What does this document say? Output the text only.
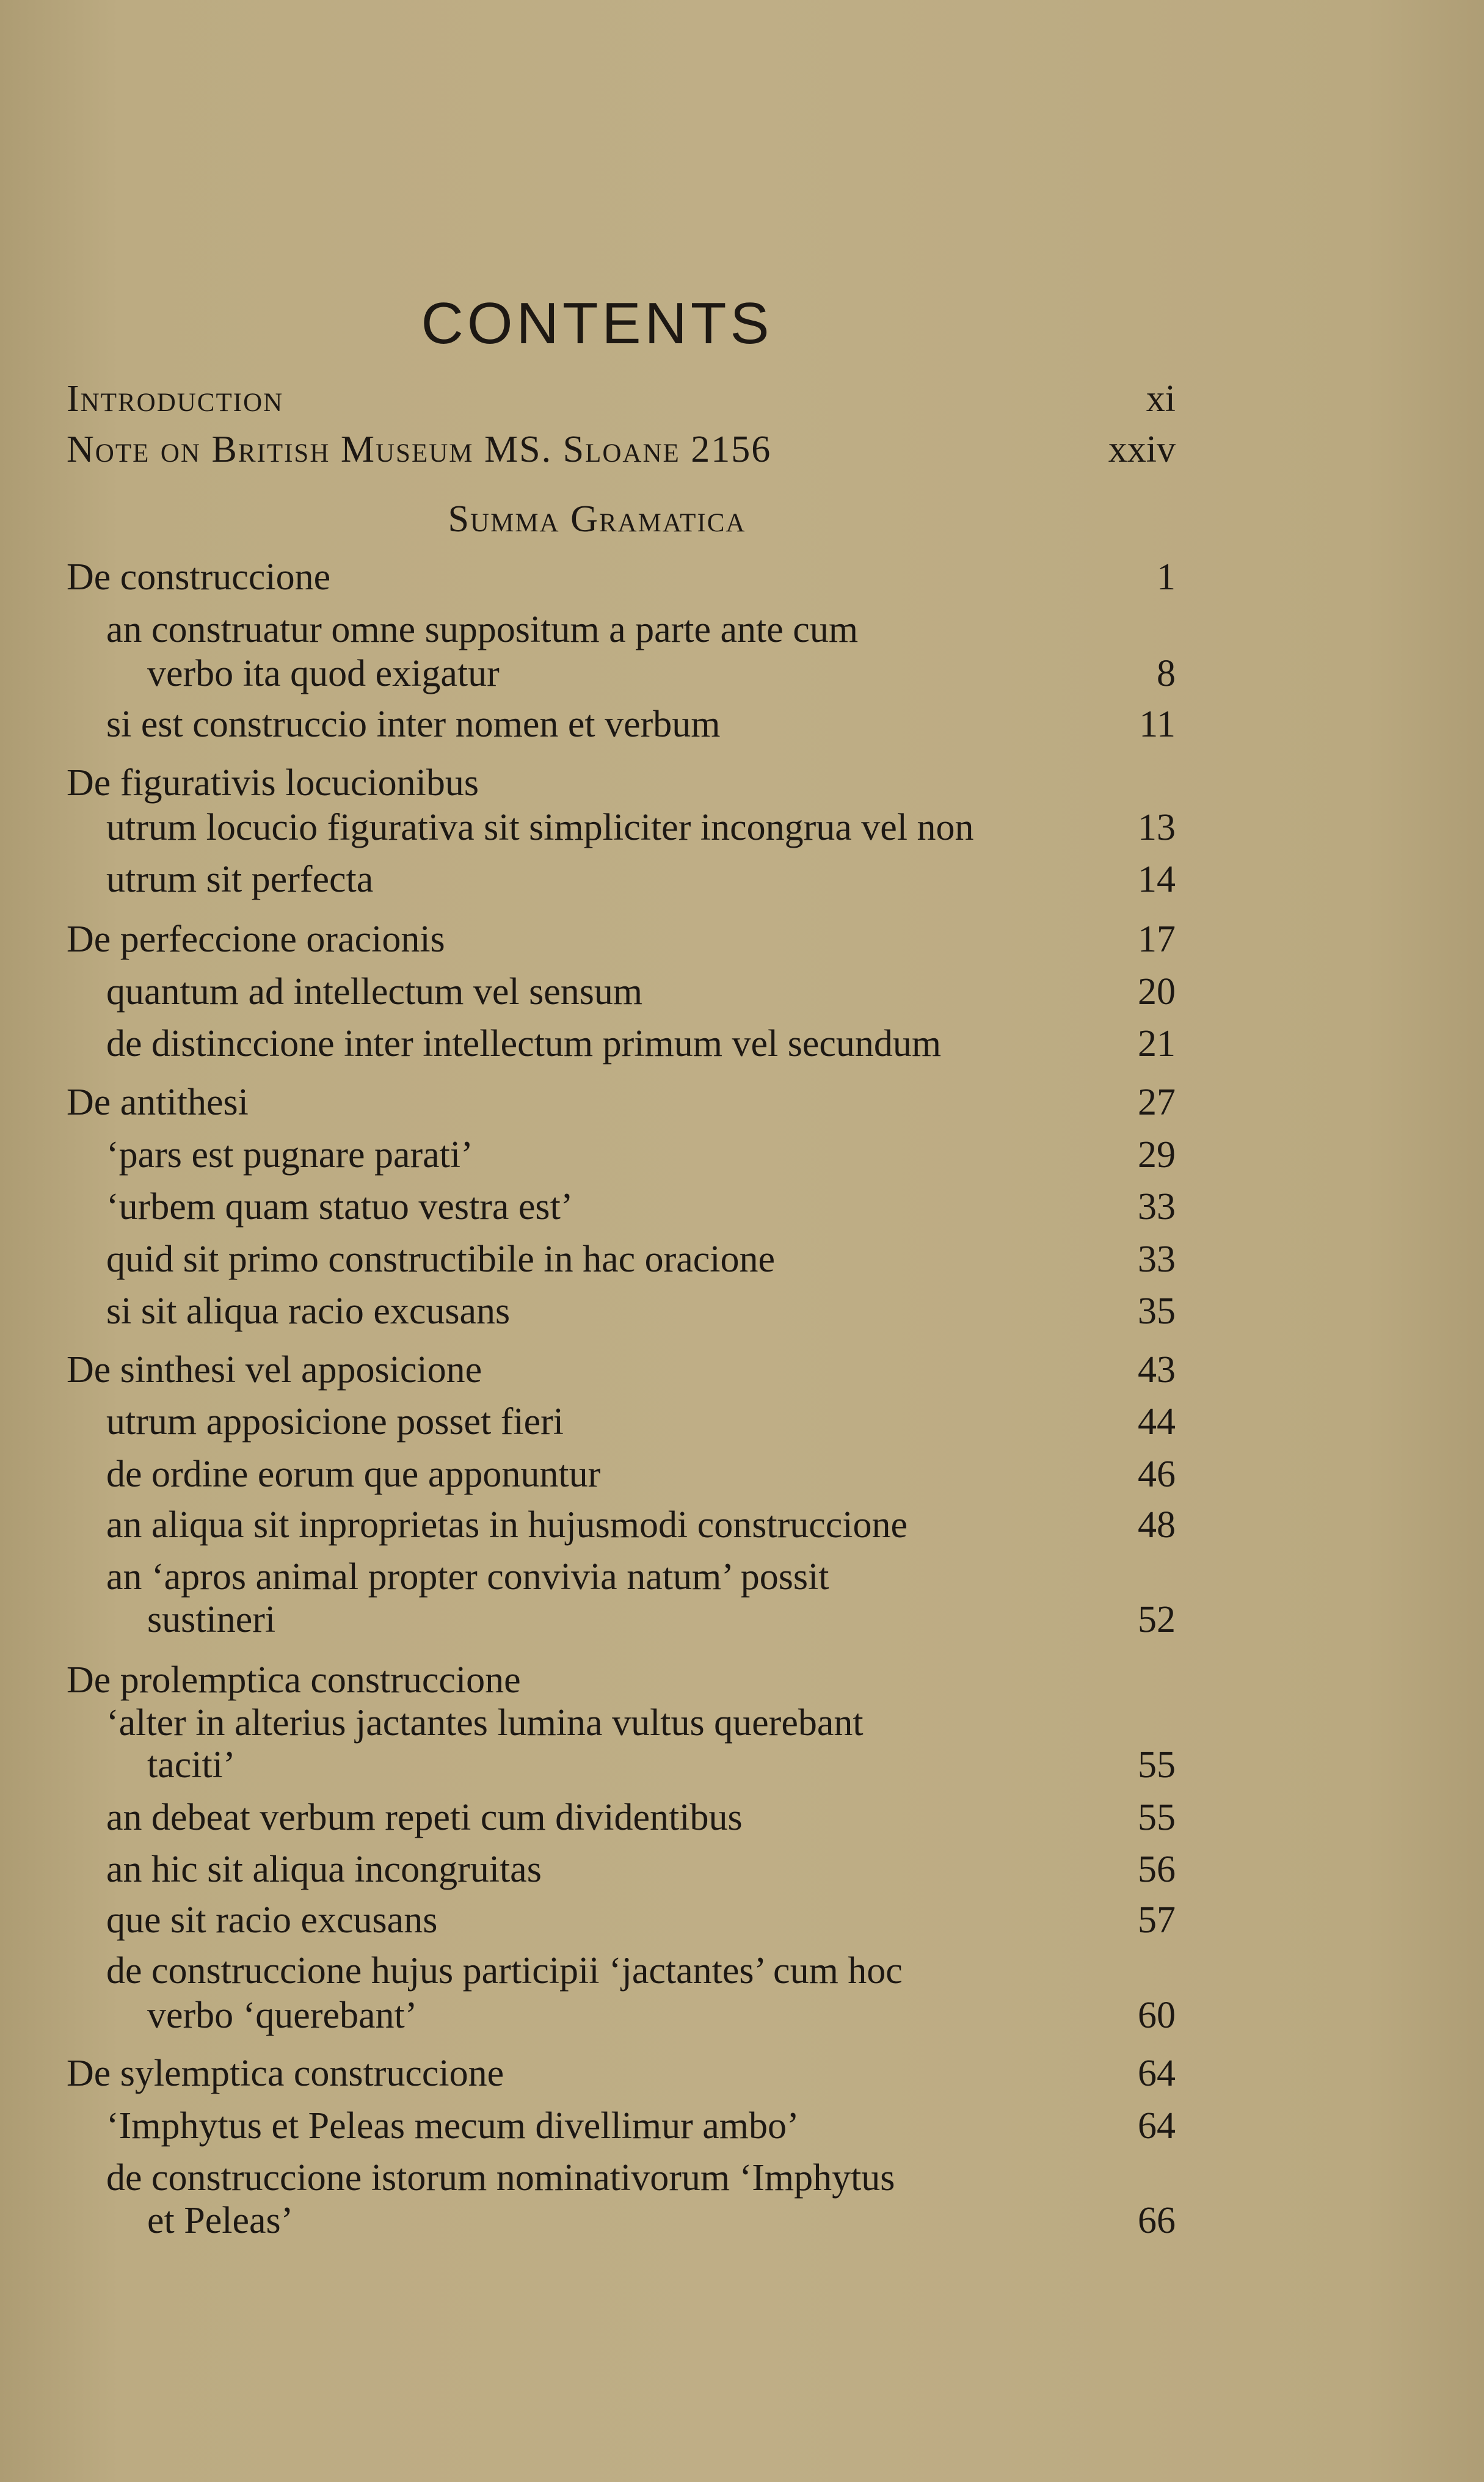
CONTENTS
Introduction	xi
Note on British Museum MS. Sloane 2156	xxiv
Summa Gramatica
De construccione	1
an construatur omne suppositum a parte ante cum
verbo ita quod exigatur	8
si est construccio inter nomen et verbum	11
De figurativis locucionibus
utrum locucio figurativa sit simpliciter incongrua vel non	13
utrum sit perfecta	14
De perfeccione oracionis	17
quantum ad intellectum vel sensum	20
de distinccione inter intellectum primum vel secundum	21
De antithesi	27
‘pars est pugnare parati’	29
‘urbem quam statuo vestra est’	33
quid sit primo constructibile in hac oracione	33
si sit aliqua racio excusans	35
De sinthesi vel apposicione	43
utrum apposicione posset fieri	44
de ordine eorum que apponuntur	46
an aliqua sit inproprietas in hujusmodi construccione	48
an ‘apros animal propter convivia natum’ possit
sustineri	52
De prolemptica construccione
‘alter in alterius jactantes lumina vultus querebant
taciti’	55
an debeat verbum repeti cum dividentibus	55
an hic sit aliqua incongruitas	56
que sit racio excusans	57
de construccione hujus participii ‘jactantes’ cum hoc
verbo ‘querebant’	60
De sylemptica construccione	64
‘Imphytus et Peleas mecum divellimur ambo’	64
de construccione istorum nominativorum ‘Imphytus
et Peleas’	66
